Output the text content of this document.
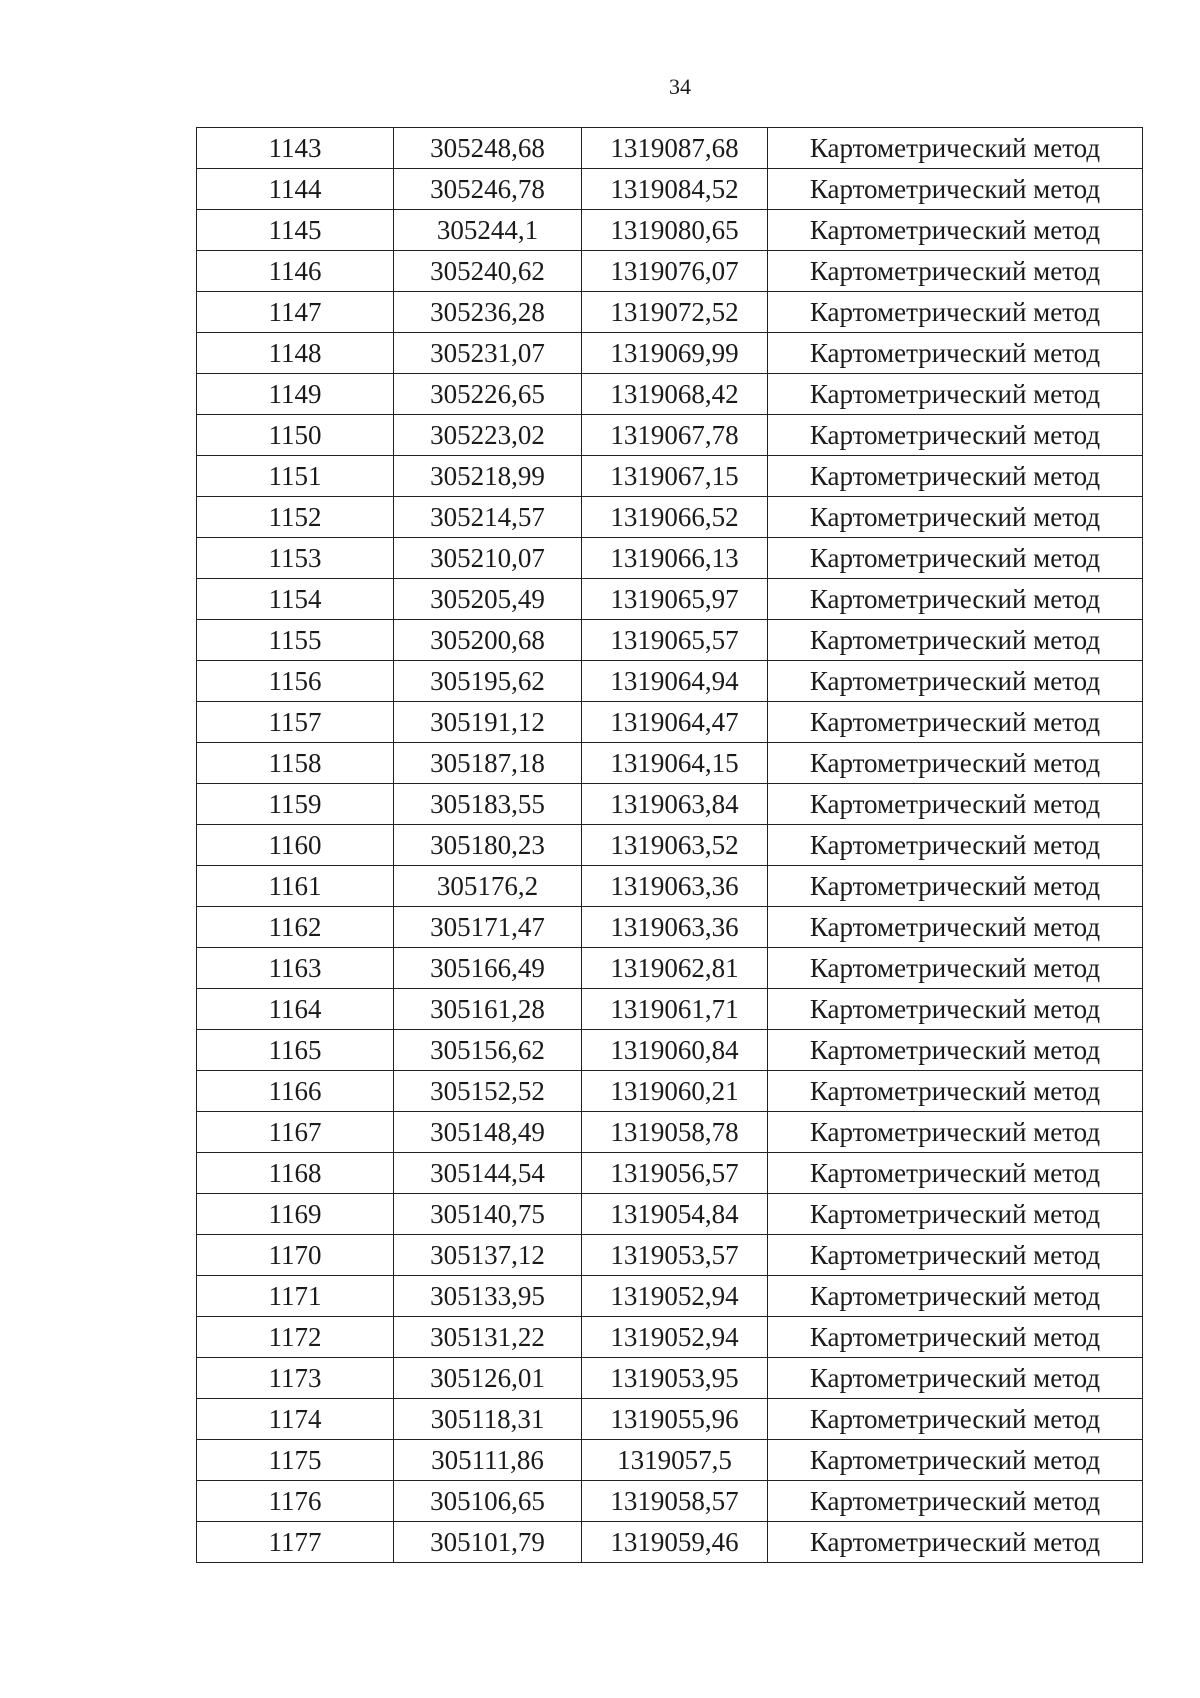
34
1143	305248,68	1319087,68	Картометрический метод
1144	305246,78	1319084,52	Картометрический метод
1145	305244,1	1319080,65	Картометрический метод
1146	305240,62	1319076,07	Картометрический метод
1147	305236,28	1319072,52	Картометрический метод
1148	305231,07	1319069,99	Картометрический метод
1149	305226,65	1319068,42	Картометрический метод
1150	305223,02	1319067,78	Картометрический метод
1151	305218,99	1319067,15	Картометрический метод
1152	305214,57	1319066,52	Картометрический метод
1153	305210,07	1319066,13	Картометрический метод
1154	305205,49	1319065,97	Картометрический метод
1155	305200,68	1319065,57	Картометрический метод
1156	305195,62	1319064,94	Картометрический метод
1157	305191,12	1319064,47	Картометрический метод
1158	305187,18	1319064,15	Картометрический метод
1159	305183,55	1319063,84	Картометрический метод
1160	305180,23	1319063,52	Картометрический метод
1161	305176,2	1319063,36	Картометрический метод
1162	305171,47	1319063,36	Картометрический метод
1163	305166,49	1319062,81	Картометрический метод
1164	305161,28	1319061,71	Картометрический метод
1165	305156,62	1319060,84	Картометрический метод
1166	305152,52	1319060,21	Картометрический метод
1167	305148,49	1319058,78	Картометрический метод
1168	305144,54	1319056,57	Картометрический метод
1169	305140,75	1319054,84	Картометрический метод
1170	305137,12	1319053,57	Картометрический метод
1171	305133,95	1319052,94	Картометрический метод
1172	305131,22	1319052,94	Картометрический метод
1173	305126,01	1319053,95	Картометрический метод
1174	305118,31	1319055,96	Картометрический метод
1175	305111,86	1319057,5	Картометрический метод
1176	305106,65	1319058,57	Картометрический метод
1177	305101,79	1319059,46	Картометрический метод
